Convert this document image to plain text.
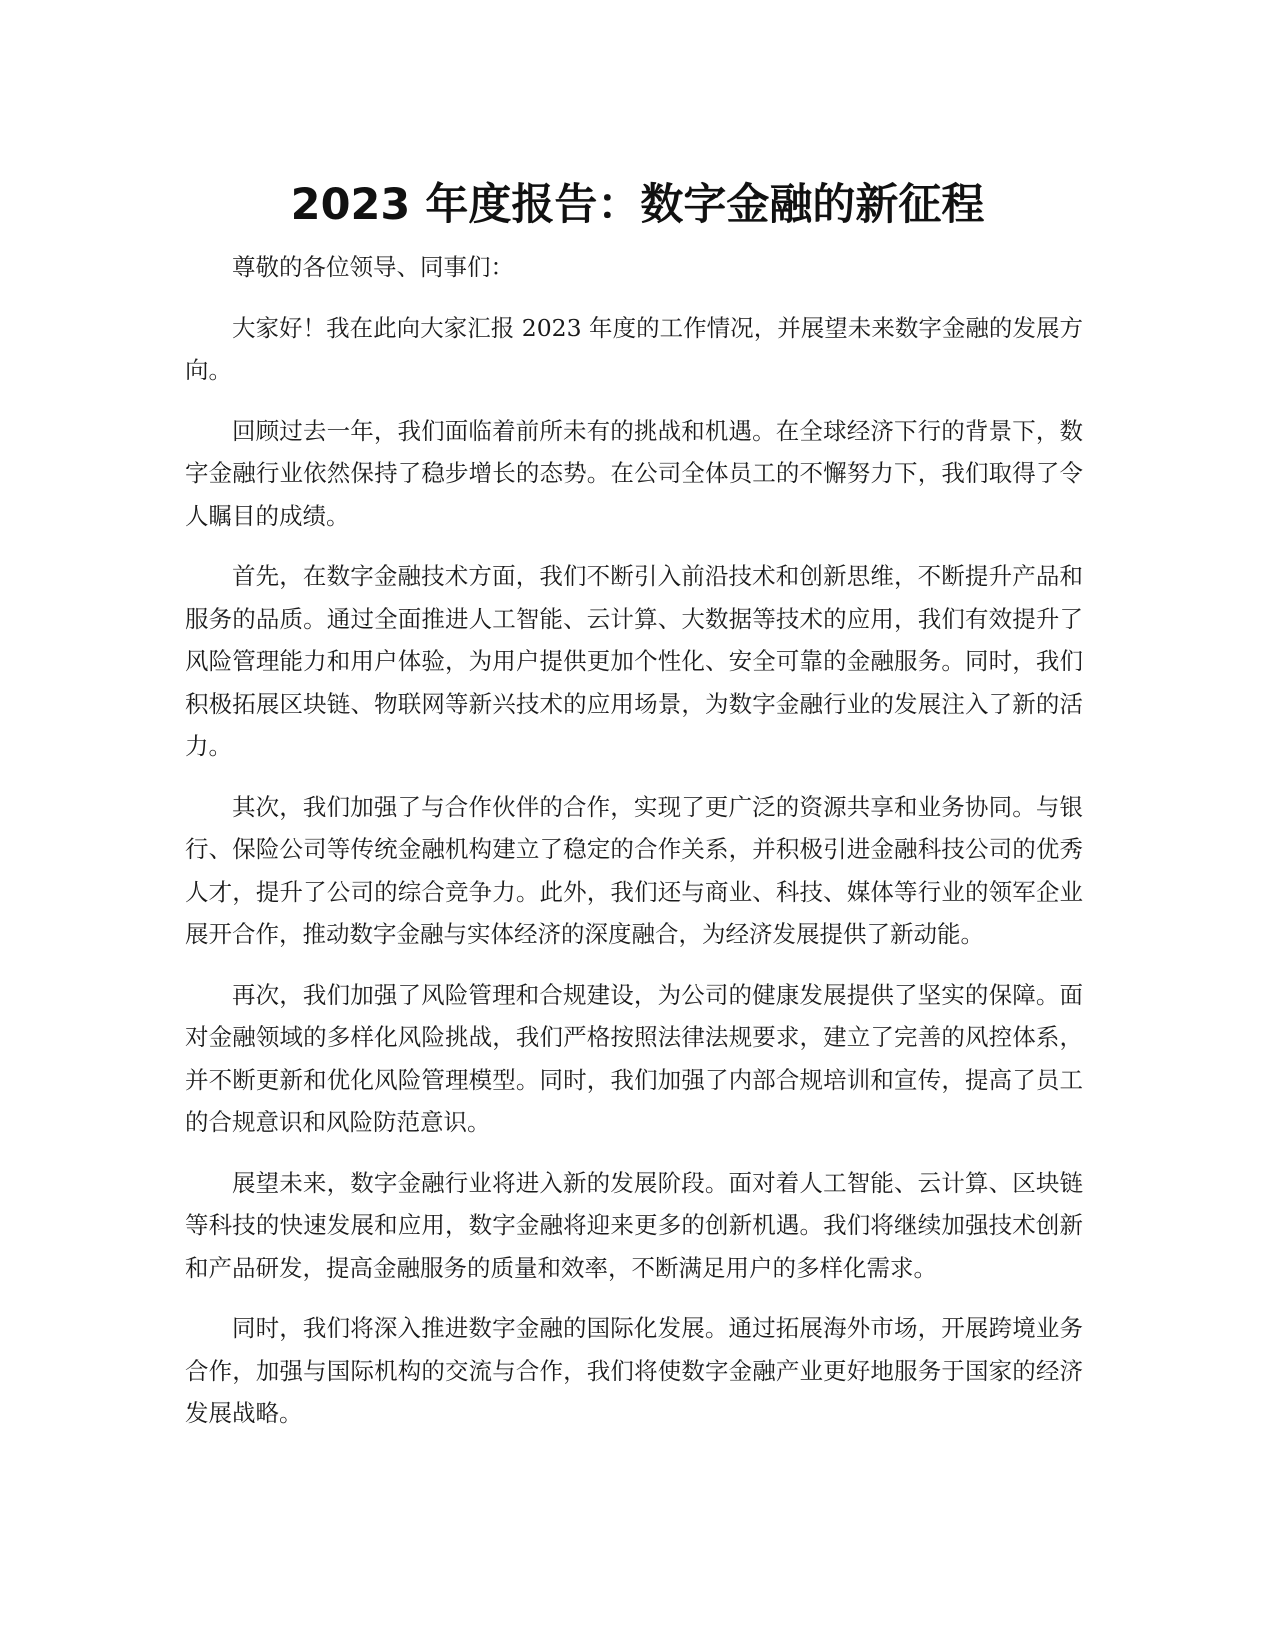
2023 年度报告：数字金融的新征程

尊敬的各位领导、同事们：

大家好！我在此向大家汇报 2023 年度的工作情况，并展望未来数字金融的发展方向。

回顾过去一年，我们面临着前所未有的挑战和机遇。在全球经济下行的背景下，数字金融行业依然保持了稳步增长的态势。在公司全体员工的不懈努力下，我们取得了令人瞩目的成绩。

首先，在数字金融技术方面，我们不断引入前沿技术和创新思维，不断提升产品和服务的品质。通过全面推进人工智能、云计算、大数据等技术的应用，我们有效提升了风险管理能力和用户体验，为用户提供更加个性化、安全可靠的金融服务。同时，我们积极拓展区块链、物联网等新兴技术的应用场景，为数字金融行业的发展注入了新的活力。

其次，我们加强了与合作伙伴的合作，实现了更广泛的资源共享和业务协同。与银行、保险公司等传统金融机构建立了稳定的合作关系，并积极引进金融科技公司的优秀人才，提升了公司的综合竞争力。此外，我们还与商业、科技、媒体等行业的领军企业展开合作，推动数字金融与实体经济的深度融合，为经济发展提供了新动能。

再次，我们加强了风险管理和合规建设，为公司的健康发展提供了坚实的保障。面对金融领域的多样化风险挑战，我们严格按照法律法规要求，建立了完善的风控体系，并不断更新和优化风险管理模型。同时，我们加强了内部合规培训和宣传，提高了员工的合规意识和风险防范意识。

展望未来，数字金融行业将进入新的发展阶段。面对着人工智能、云计算、区块链等科技的快速发展和应用，数字金融将迎来更多的创新机遇。我们将继续加强技术创新和产品研发，提高金融服务的质量和效率，不断满足用户的多样化需求。

同时，我们将深入推进数字金融的国际化发展。通过拓展海外市场，开展跨境业务合作，加强与国际机构的交流与合作，我们将使数字金融产业更好地服务于国家的经济发展战略。
